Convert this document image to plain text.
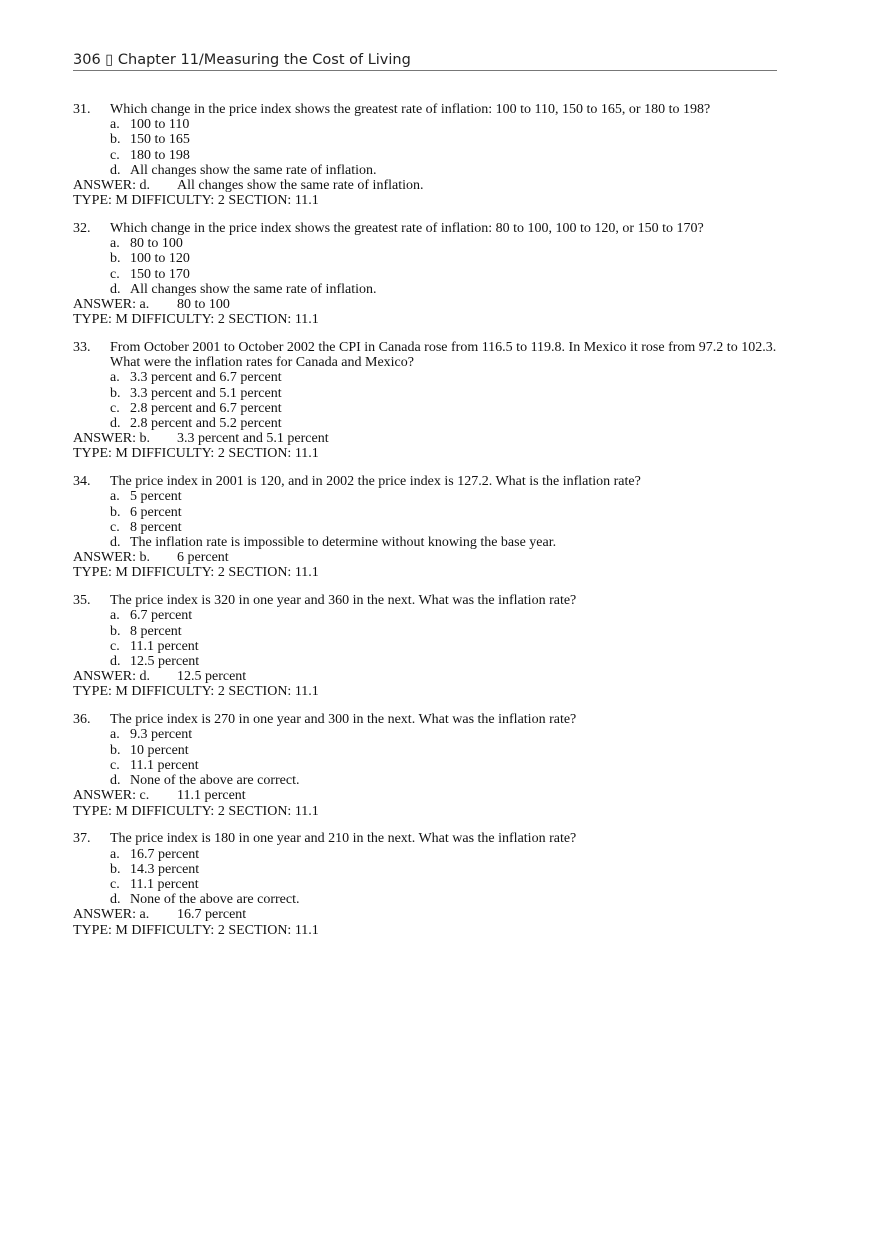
306 ▯ Chapter 11/Measuring the Cost of Living
31.	Which change in the price index shows the greatest rate of inflation: 100 to 110, 150 to 165, or 180 to 198?
a. 100 to 110
b. 150 to 165
c. 180 to 198
d. All changes show the same rate of inflation.
ANSWER: d.	All changes show the same rate of inflation.
TYPE: M DIFFICULTY: 2 SECTION: 11.1
32.	Which change in the price index shows the greatest rate of inflation: 80 to 100, 100 to 120, or 150 to 170?
a. 80 to 100
b. 100 to 120
c. 150 to 170
d. All changes show the same rate of inflation.
ANSWER: a.	80 to 100
TYPE: M DIFFICULTY: 2 SECTION: 11.1
33.	From October 2001 to October 2002 the CPI in Canada rose from 116.5 to 119.8. In Mexico it rose from 97.2 to 102.3. What were the inflation rates for Canada and Mexico?
a. 3.3 percent and 6.7 percent
b. 3.3 percent and 5.1 percent
c. 2.8 percent and 6.7 percent
d. 2.8 percent and 5.2 percent
ANSWER: b.	3.3 percent and 5.1 percent
TYPE: M DIFFICULTY: 2 SECTION: 11.1
34.	The price index in 2001 is 120, and in 2002 the price index is 127.2. What is the inflation rate?
a. 5 percent
b. 6 percent
c. 8 percent
d. The inflation rate is impossible to determine without knowing the base year.
ANSWER: b.	6 percent
TYPE: M DIFFICULTY: 2 SECTION: 11.1
35.	The price index is 320 in one year and 360 in the next. What was the inflation rate?
a. 6.7 percent
b. 8 percent
c. 11.1 percent
d. 12.5 percent
ANSWER: d.	12.5 percent
TYPE: M DIFFICULTY: 2 SECTION: 11.1
36.	The price index is 270 in one year and 300 in the next. What was the inflation rate?
a. 9.3 percent
b. 10 percent
c. 11.1 percent
d. None of the above are correct.
ANSWER: c.	11.1 percent
TYPE: M DIFFICULTY: 2 SECTION: 11.1
37.	The price index is 180 in one year and 210 in the next. What was the inflation rate?
a. 16.7 percent
b. 14.3 percent
c. 11.1 percent
d. None of the above are correct.
ANSWER: a.	16.7 percent
TYPE: M DIFFICULTY: 2 SECTION: 11.1
